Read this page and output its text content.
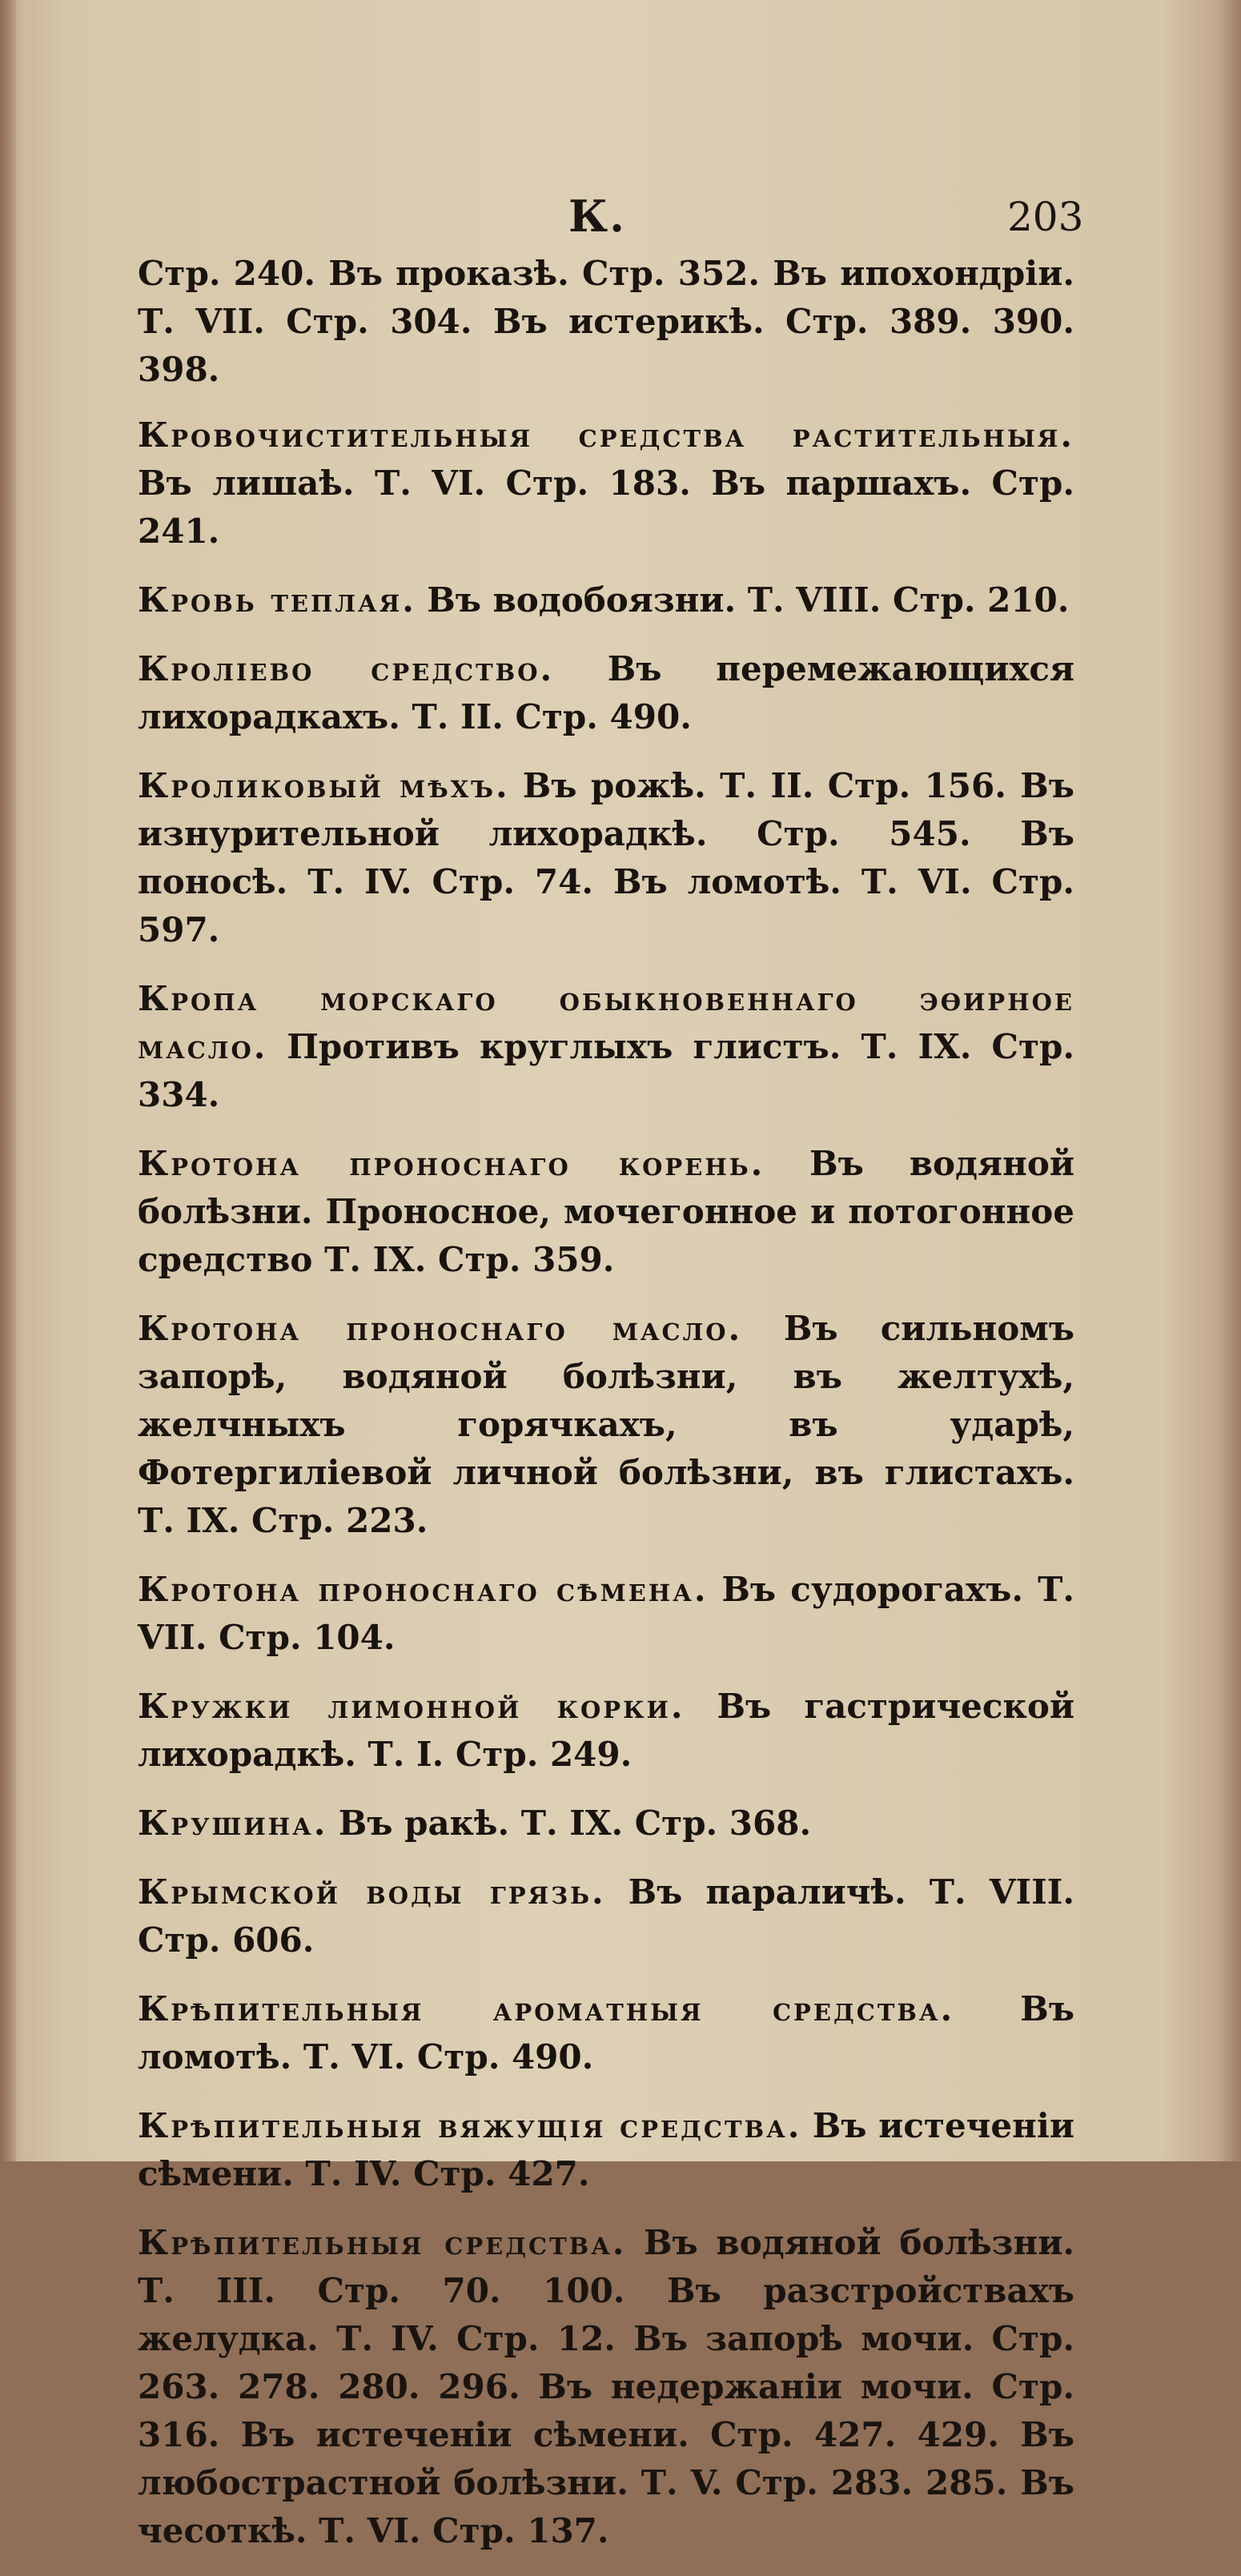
К.	203

Стр. 240. Въ проказѣ. Стр. 352. Въ ипохондріи. Т. VII. Стр. 304. Въ истерикѣ. Стр. 389. 390. 398.

Кровочистительныя средства растительныя. Въ лишаѣ. Т. VI. Стр. 183. Въ паршахъ. Стр. 241.

Кровь теплая. Въ водобоязни. Т. VIII. Стр. 210.

Кролıево средство. Въ перемежающихся лихорадкахъ. Т. II. Стр. 490.

Кроликовый мѣхъ. Въ рожѣ. Т. II. Стр. 156. Въ изнурительной лихорадкѣ. Стр. 545. Въ поносѣ. Т. IV. Стр. 74. Въ ломотѣ. Т. VI. Стр. 597.

Кропа морскаго обыкновеннаго эѳирное масло. Противъ круглыхъ глистъ. Т. IX. Стр. 334.

Кротона проноснаго корень. Въ водяной болѣзни. Проносное, мочегонное и потогонное средство Т. IX. Стр. 359.

Кротона проноснаго масло. Въ сильномъ запорѣ, водяной болѣзни, въ желтухѣ, желчныхъ горячкахъ, въ ударѣ, Фотергиліевой личной болѣзни, въ глистахъ. Т. IX. Стр. 223.

Кротона проноснаго сѣмена. Въ судорогахъ. Т. VII. Стр. 104.

Кружки лимонной корки. Въ гастрической лихорадкѣ. Т. I. Стр. 249.

Крушина. Въ ракѣ. Т. IX. Стр. 368.

Крымской воды грязь. Въ параличѣ. Т. VIII. Стр. 606.

Крѣпительныя ароматныя средства. Въ ломотѣ. Т. VI. Стр. 490.

Крѣпительныя вяжущія средства. Въ истеченіи сѣмени. Т. IV. Стр. 427.

Крѣпительныя средства. Въ водяной болѣзни. Т. III. Стр. 70. 100. Въ разстройствахъ желудка. Т. IV. Стр. 12. Въ запорѣ мочи. Стр. 263. 278. 280. 296. Въ недержаніи мочи. Стр. 316. Въ истеченіи сѣмени. Стр. 427. 429. Въ любострастной болѣзни. Т. V. Стр. 283. 285. Въ чесоткѣ. Т. VI. Стр. 137.
